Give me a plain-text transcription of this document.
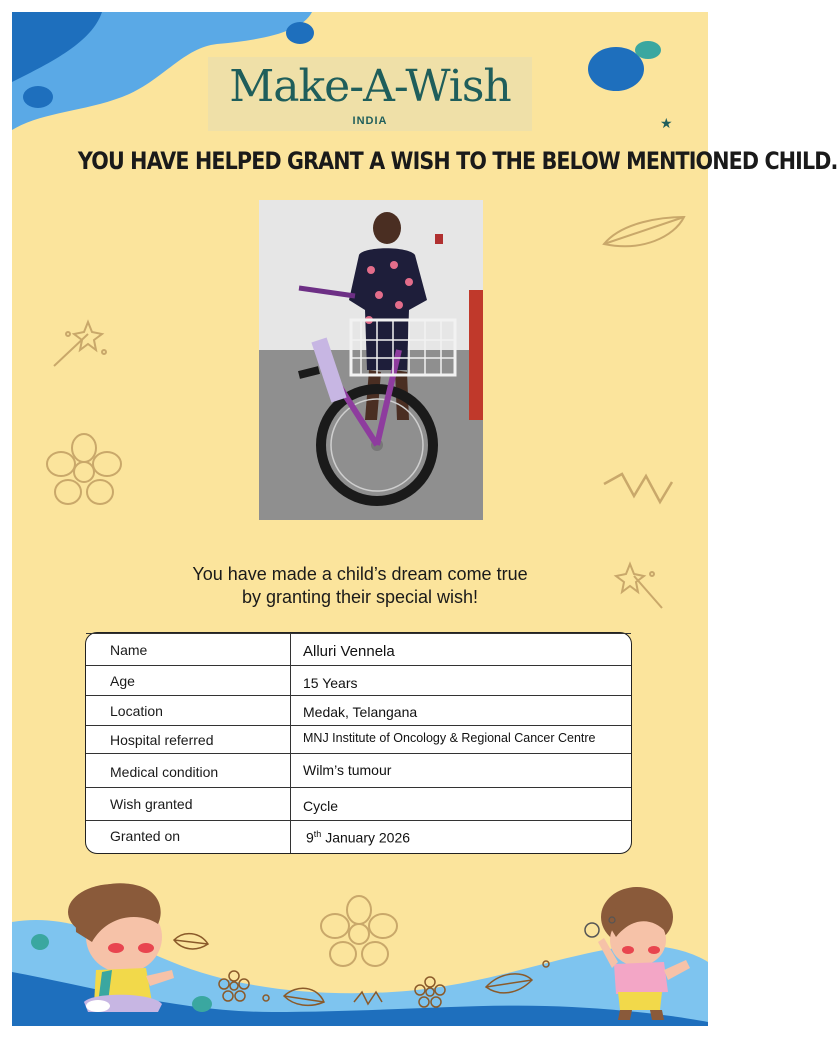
Make-A-Wish
★
INDIA
YOU HAVE HELPED GRANT A WISH TO THE BELOW MENTIONED CHILD.
You have made a child’s dream come true
by granting their special wish!
Name	Alluri Vennela
Age	15 Years
Location	Medak, Telangana
Hospital referred	MNJ Institute of Oncology & Regional Cancer Centre
Medical condition	Wilm’s tumour
Wish granted	Cycle
Granted on	9th January 2026
